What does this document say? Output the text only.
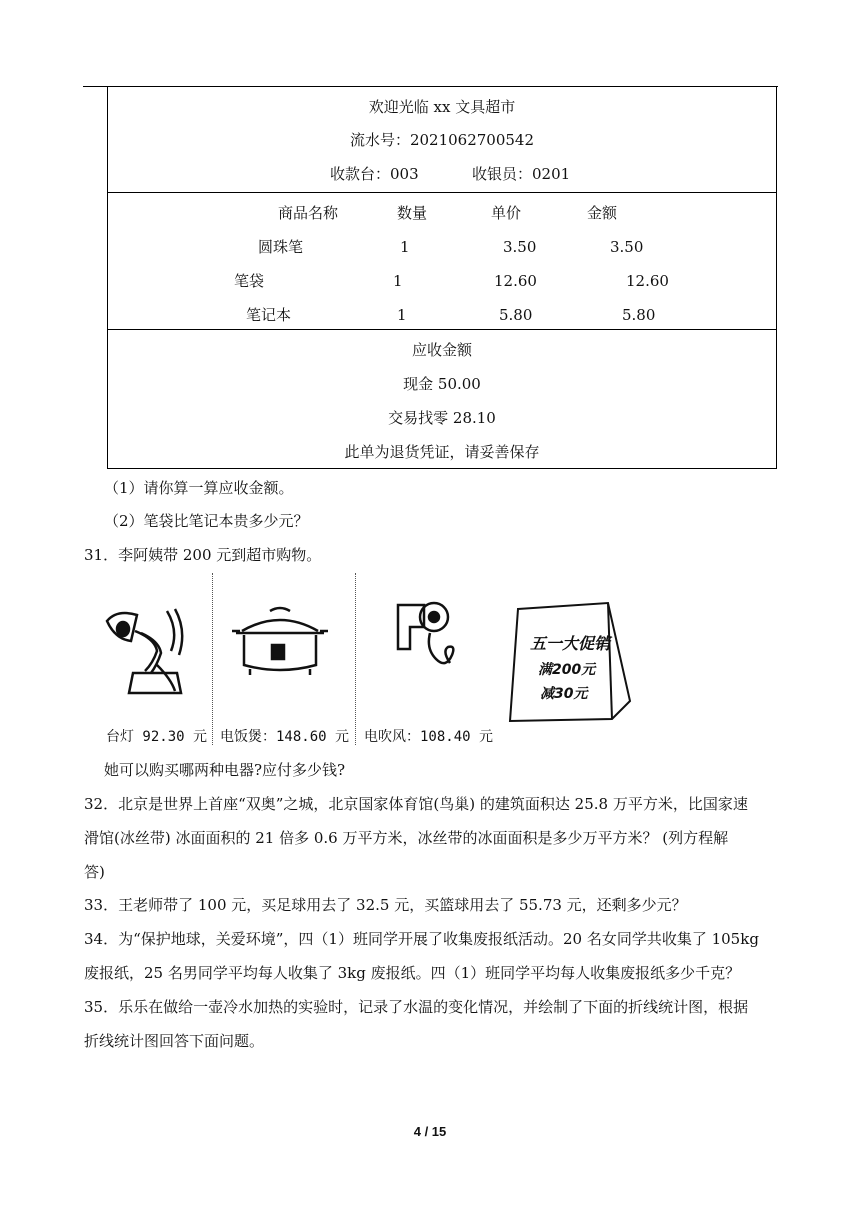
欢迎光临 xx 文具超市
流水号：2021062700542
收款台：003	收银员：0201
商品名称	数量	单价	金额
圆珠笔	1	3.50	3.50
笔袋	1	12.60	12.60
笔记本	1	5.80	5.80
应收金额
现金 50.00
交易找零 28.10
此单为退货凭证，请妥善保存
（1）请你算一算应收金额。
（2）笔袋比笔记本贵多少元？
31．李阿姨带 200 元到超市购物。
五一大促销
满200元
减30元
台灯 92.30 元 电饭煲：148.60 元 电吹风：108.40 元
她可以购买哪两种电器?应付多少钱?
32．北京是世界上首座“双奥”之城，北京国家体育馆(鸟巢) 的建筑面积达 25.8 万平方米，比国家速
滑馆(冰丝带) 冰面面积的 21 倍多 0.6 万平方米，冰丝带的冰面面积是多少万平方米？ (列方程解
答)
33．王老师带了 100 元，买足球用去了 32.5 元，买篮球用去了 55.73 元，还剩多少元？
34．为“保护地球，关爱环境”，四（1）班同学开展了收集废报纸活动。20 名女同学共收集了 105kg
废报纸，25 名男同学平均每人收集了 3kg 废报纸。四（1）班同学平均每人收集废报纸多少千克？
35．乐乐在做给一壶冷水加热的实验时，记录了水温的变化情况，并绘制了下面的折线统计图，根据
折线统计图回答下面问题。
4 / 15
